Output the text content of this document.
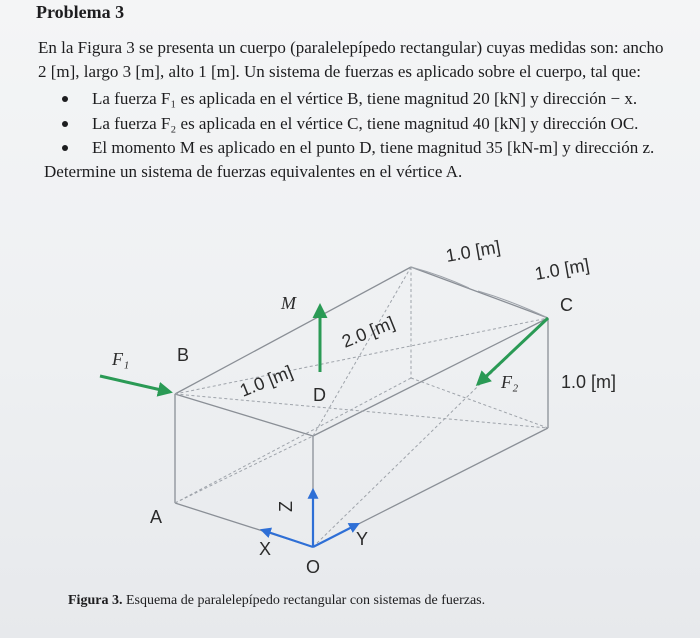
Problema 3
En la Figura 3 se presenta un cuerpo (paralelepípedo rectangular) cuyas medidas son: ancho
2 [m], largo 3 [m], alto 1 [m]. Un sistema de fuerzas es aplicado sobre el cuerpo, tal que:
La fuerza F₁ es aplicada en el vértice B, tiene magnitud 20 [kN] y dirección − x.
La fuerza F₂ es aplicada en el vértice C, tiene magnitud 40 [kN] y dirección OC.
El momento M es aplicado en el punto D, tiene magnitud 35 [kN-m] y dirección z.
Determine un sistema de fuerzas equivalentes en el vértice A.
F₁	B
M
D
C
F₂
A
X	Y
Z
O
1.0 [m]
1.0 [m]
2.0 [m]
1.0 [m]	1.0 [m]
Figura 3. Esquema de paralelepípedo rectangular con sistemas de fuerzas.
